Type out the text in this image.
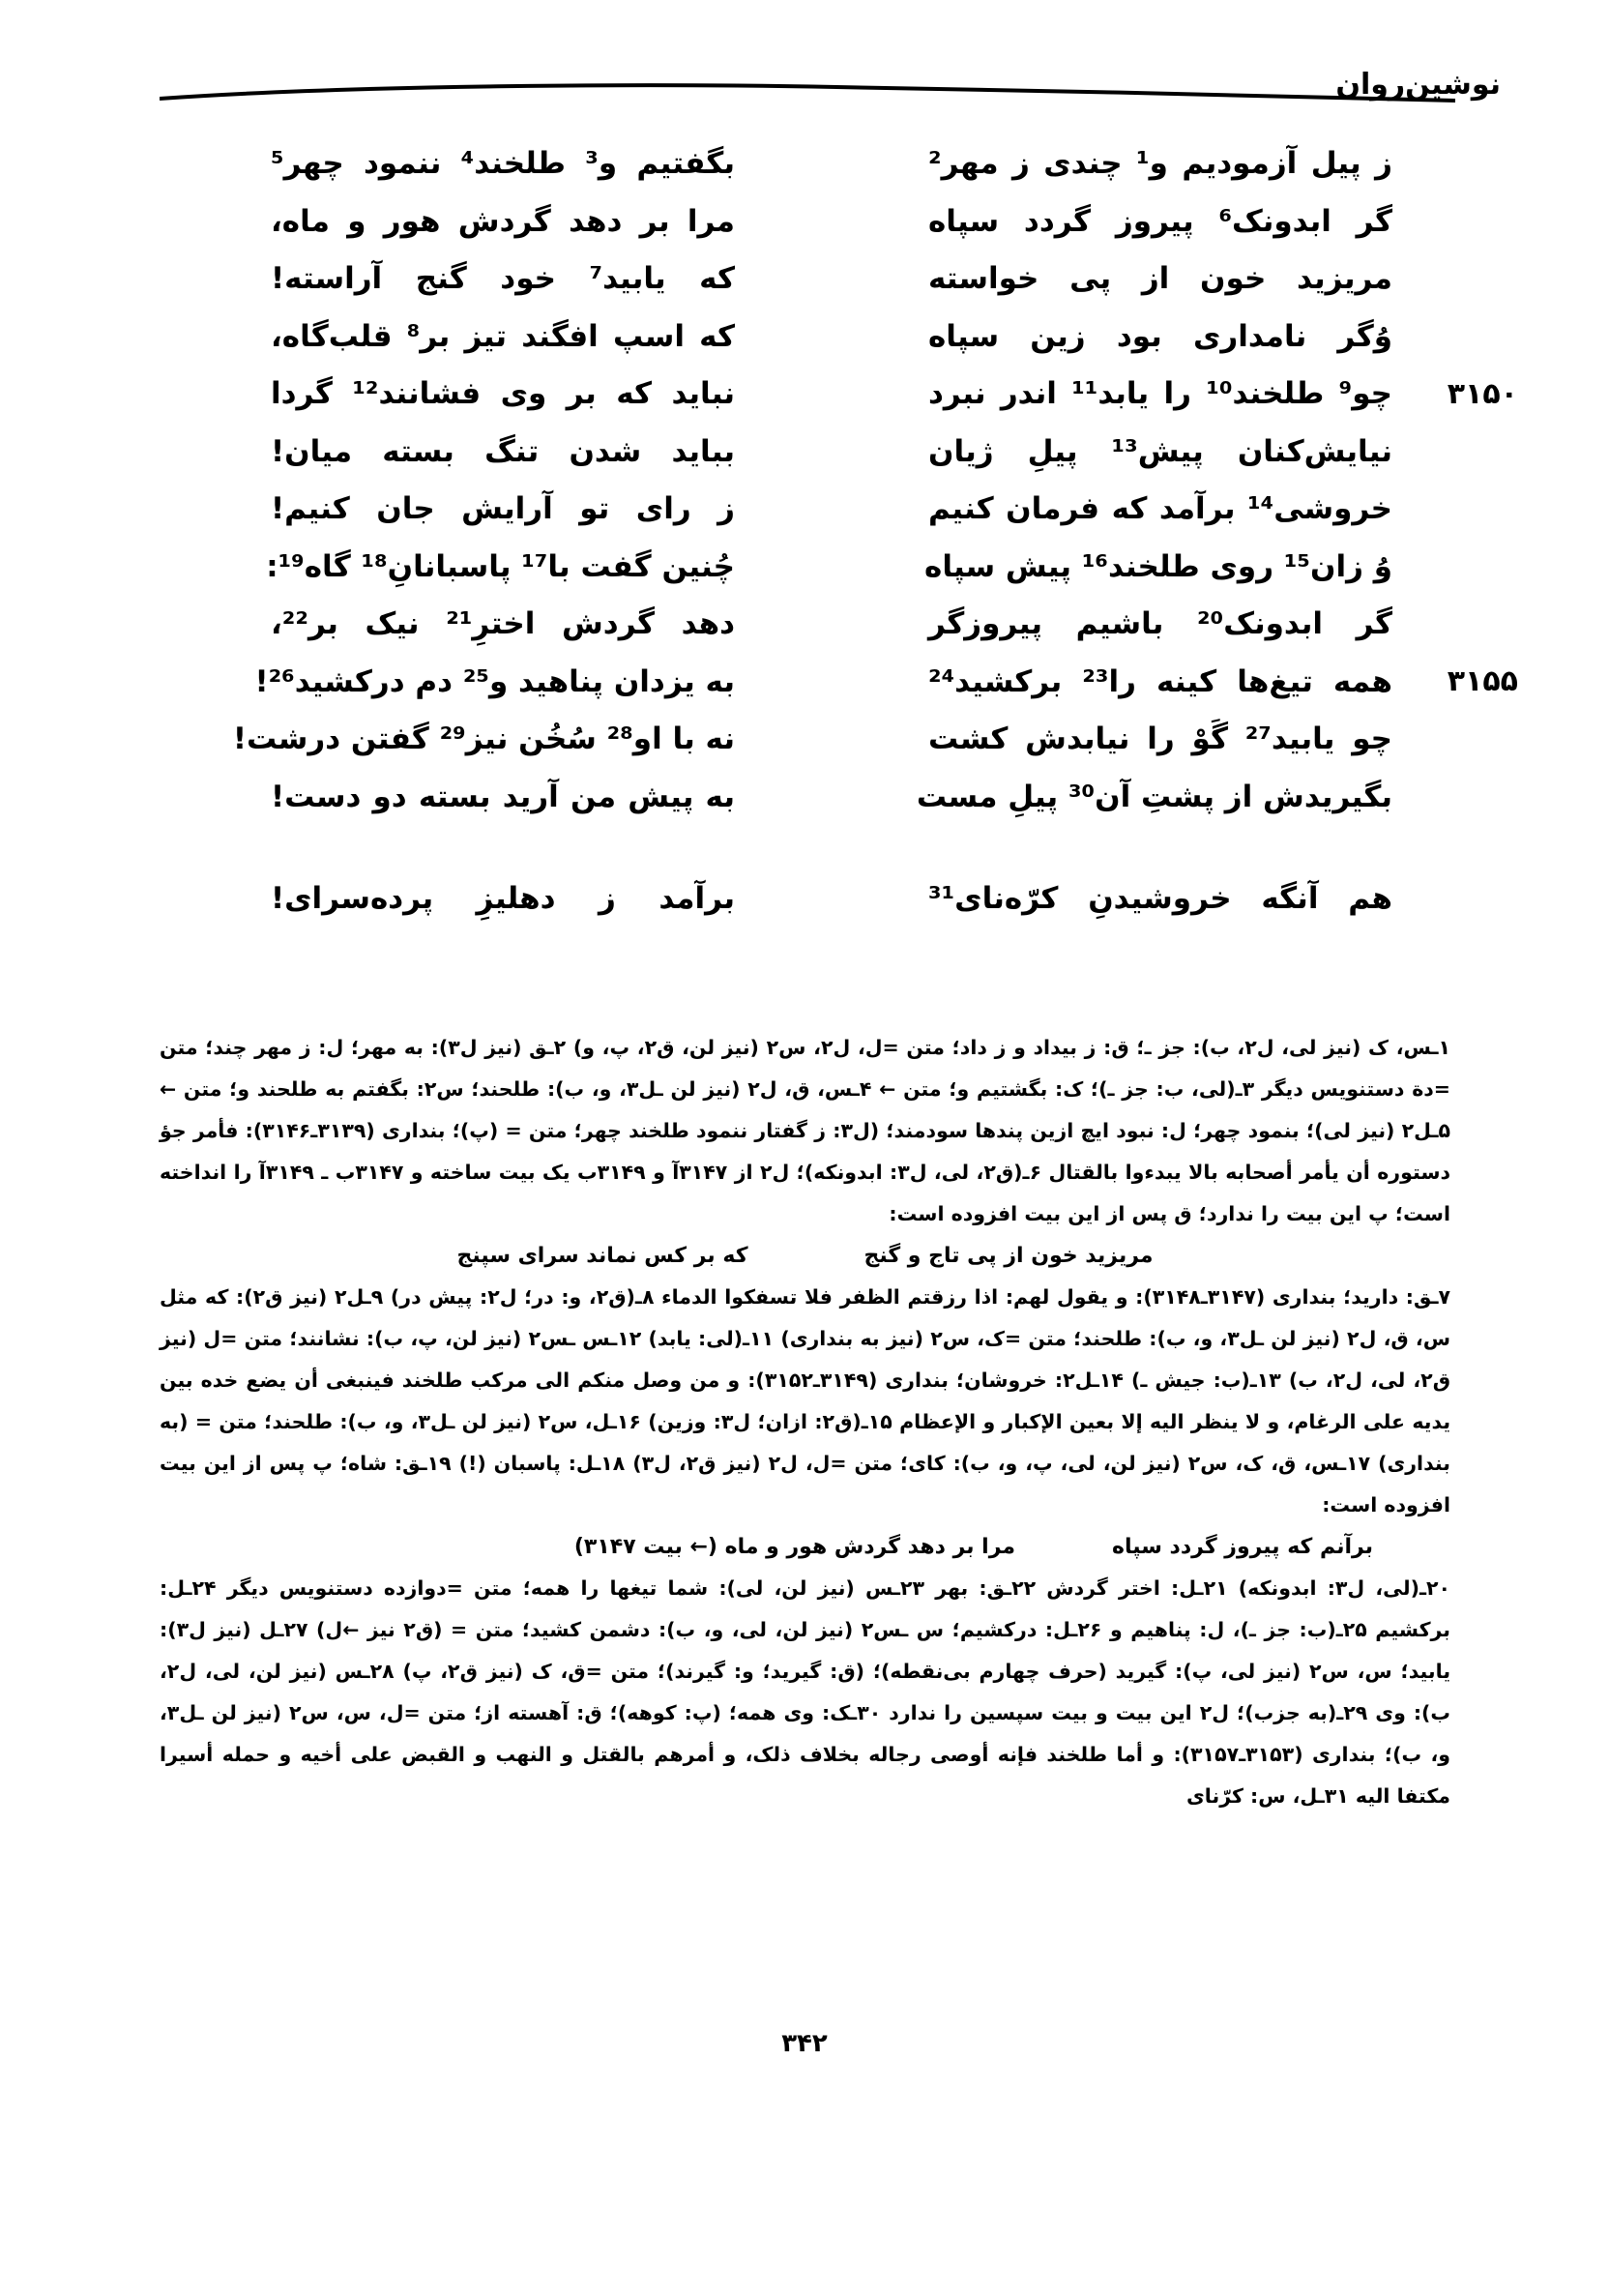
نوشین‌روان
ز پیل آزمودیم و¹ چندی ز مهر²
بگفتیم و³ طلخند⁴ ننمود چهر⁵
گر ابدونک⁶ پیروز گردد سپاه
مرا بر دهد گردش هور و ماه،
مریزید خون از پی خواسته
که یابید⁷ خود گنج آراسته!
وُگر نامداری بود زین سپاه
که اسپ افگند تیز بر⁸ قلب‌گاه،
۳۱۵۰
چو⁹ طلخند¹⁰ را یابد¹¹ اندر نبرد
نباید که بر وی فشانند¹² گردا
نیایش‌کنان پیش¹³ پیلِ ژیان
بباید شدن تنگ بسته میان!
خروشی¹⁴ برآمد که فرمان کنیم
ز رای تو آرایش جان کنیم!
وُ زان¹⁵ روی طلخند¹⁶ پیش سپاه
چُنین گفت با¹⁷ پاسبانانِ¹⁸ گاه¹⁹:
گر ابدونک²⁰ باشیم پیروزگر
دهد گردش اخترِ²¹ نیک بر²²،
۳۱۵۵
همه تیغ‌ها کینه را²³ برکشید²⁴
به یزدان پناهید و²⁵ دم درکشید²⁶!
چو یابید²⁷ گَوْ را نیابدش کشت
نه با او²⁸ سُخُن نیز²⁹ گفتن درشت!
بگیریدش از پشتِ آن³⁰ پیلِ مست
به پیش من آرید بسته دو دست!
هم آنگه خروشیدنِ کرّه‌نای³¹
برآمد ز دهلیزِ پرده‌سرای!

۱ـس، ک (نیز لی، ل۲، ب): جز ـ؛ ق: ز بیداد و ز داد؛ متن =ل، ل۲، س۲ (نیز لن، ق۲، پ، و) ۲ـق (نیز ل۳): به مهر؛ ل: ز مهر چند؛ متن =دة دستنویس دیگر ۳ـ(لی، ب: جز ـ)؛ ک: بگشتیم و؛ متن ← ۴ـس، ق، ل۲ (نیز لن ـل۳، و، ب): طلحند؛ س۲: بگفتم به طلحند و؛ متن ← ۵ـل۲ (نیز لی)؛ بنمود چهر؛ ل: نبود ایچ ازین پندها سودمند؛ (ل۳: ز گفتار ننمود طلخند چهر؛ متن = (پ)؛ بنداری (۳۱۳۹ـ۳۱۴۶): فأمر جؤ دستوره أن یأمر أصحابه بالا یبدءوا بالقتال ۶ـ(ق۲، لی، ل۳: ابدونکه)؛ ل۲ از ۳۱۴۷آ و ۳۱۴۹ب یک بیت ساخته و ۳۱۴۷ب ـ ۳۱۴۹آ را انداخته است؛ پ این بیت را ندارد؛ ق پس از این بیت افزوده است:

مریزید خون از پی تاج و گنج
که بر کس نماند سرای سپنج

۷ـق: دارید؛ بنداری (۳۱۴۷ـ۳۱۴۸): و یقول لهم: اذا رزقتم الظفر فلا تسفکوا الدماء ۸ـ(ق۲، و: در؛ ل۲: پیش در) ۹ـل۲ (نیز ق۲): که مثل س، ق، ل۲ (نیز لن ـل۳، و، ب): طلحند؛ متن =ک، س۲ (نیز به بنداری) ۱۱ـ(لی: یابد) ۱۲ـس ـس۲ (نیز لن، پ، ب): نشانند؛ متن =ل (نیز ق۲، لی، ل۲، ب) ۱۳ـ(ب: جیش ـ) ۱۴ـل۲: خروشان؛ بنداری (۳۱۴۹ـ۳۱۵۲): و من وصل منکم الی مرکب طلخند فینبغی أن یضع خده بین یدیه علی الرغام، و لا ینظر الیه إلا بعین الإکبار و الإعظام ۱۵ـ(ق۲: ازان؛ ل۳: وزین) ۱۶ـل، س۲ (نیز لن ـل۳، و، ب): طلحند؛ متن = (به بنداری) ۱۷ـس، ق، ک، س۲ (نیز لن، لی، پ، و، ب): کای؛ متن =ل، ل۲ (نیز ق۲، ل۳) ۱۸ـل: پاسبان (!) ۱۹ـق: شاه؛ پ پس از این بیت افزوده است:

برآنم که پیروز گردد سپاه
مرا بر دهد گردش هور و ماه (← بیت ۳۱۴۷)

۲۰ـ(لی، ل۳: ابدونکه) ۲۱ـل: اختر گردش ۲۲ـق: بهر ۲۳ـس (نیز لن، لی): شما تیغها را همه؛ متن =دوازده دستنویس دیگر ۲۴ـل: برکشیم ۲۵ـ(ب: جز ـ)، ل: پناهیم و ۲۶ـل: درکشیم؛ س ـس۲ (نیز لن، لی، و، ب): دشمن کشید؛ متن = (ق۲ نیز ←ل) ۲۷ـل (نیز ل۳): یابید؛ س، س۲ (نیز لی، پ): گیرید (حرف چهارم بی‌نقطه)؛ (ق: گیرید؛ و: گیرند)؛ متن =ق، ک (نیز ق۲، پ) ۲۸ـس (نیز لن، لی، ل۲، ب): وی ۲۹ـ(به جزب)؛ ل۲ این بیت و بیت سپسین را ندارد ۳۰ـک: وی همه؛ (پ: کوهه)؛ ق: آهسته از؛ متن =ل، س، س۲ (نیز لن ـل۳، و، ب)؛ بنداری (۳۱۵۳ـ۳۱۵۷): و أما طلخند فإنه أوصی رجاله بخلاف ذلک، و أمرهم بالقتل و النهب و القبض علی أخیه و حمله أسیرا مکتفا الیه ۳۱ـل، س: کرّنای

۳۴۲
